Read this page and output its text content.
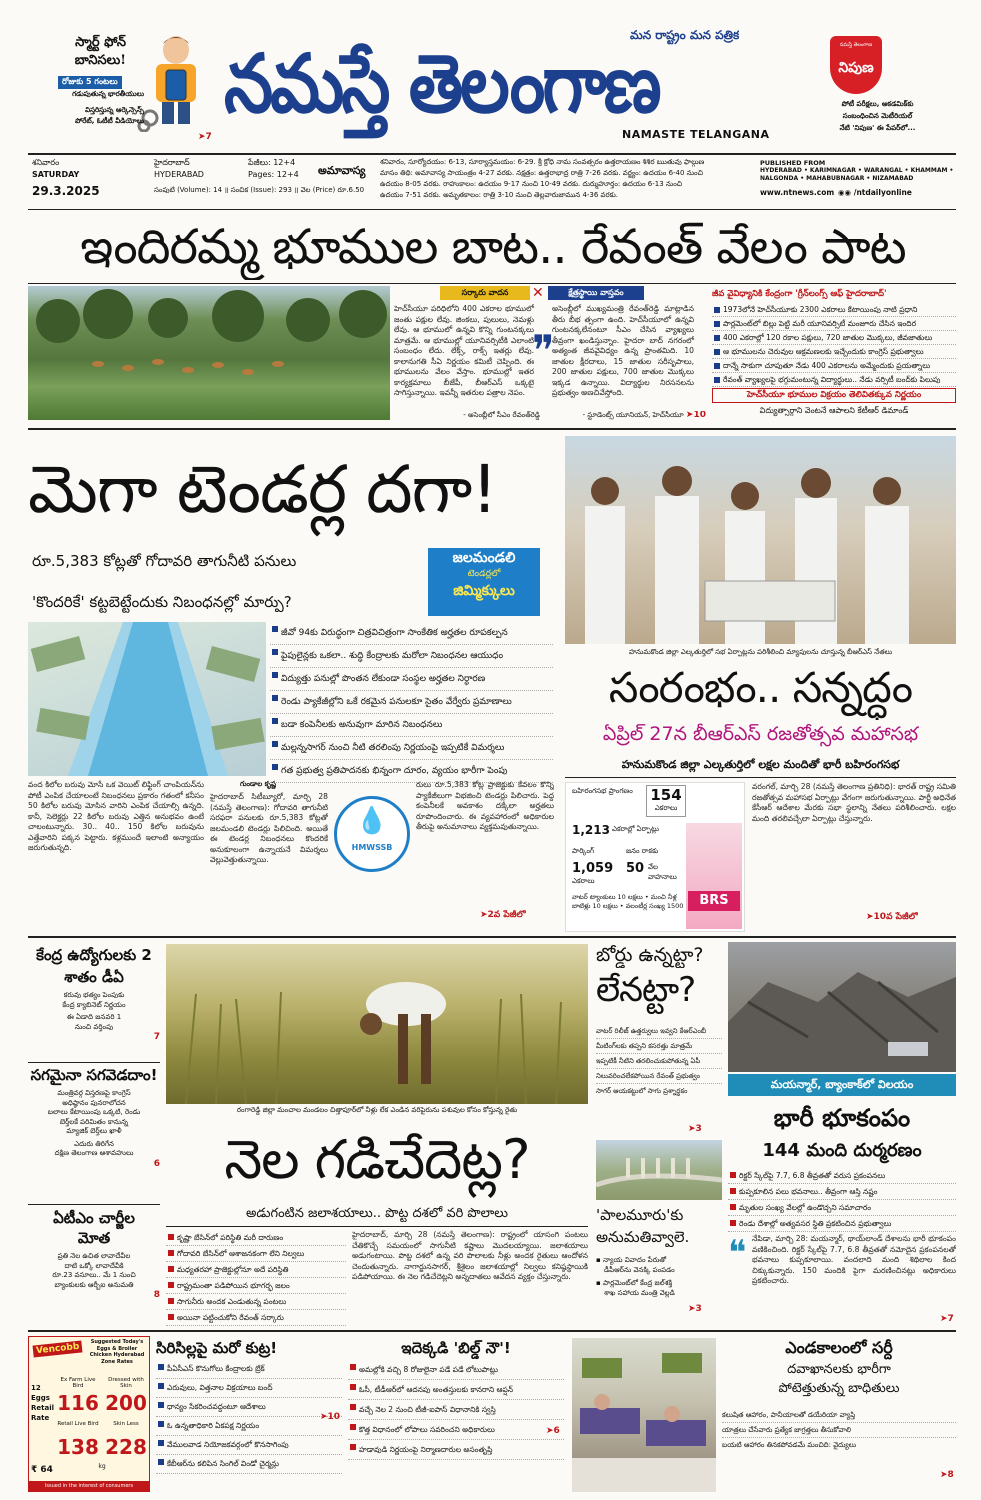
స్మార్ట్ ఫోన్ బానిసలు!
రోజుకు 5 గంటలు
గడుపుతున్న భారతీయులు
విస్తరిస్తున్న ఆర్కెన్సెన్స్
పోరేట్, ఓటీటీ వీడియోలు
➤7
మన రాష్ట్రం మన పత్రిక
నమస్తే తెలంగాణ
NAMASTE TELANGANA
నమస్తే తెలంగాణ
నిపుణ
పోటీ పరీక్షలు, అకడమిక్‌కు
సంబంధించిన మెటీరియల్
నేటి 'నిపుణ' ఈ పేపర్‌లో...
శనివారం
SATURDAY
29.3.2025
హైదరాబాద్
HYDERABAD
పేజీలు: 12+4
Pages: 12+4
సంపుటి (Volume): 14 ॥ సంచిక (Issue): 293 ॥ వెల (Price) రూ.6.50
అమావాస్య
శనివారం, సూర్యోదయం: 6-13, సూర్యాస్తమయం: 6-29. శ్రీ క్రోధి నామ సంవత్సరం ఉత్తరాయణం శిశిర ఋతువు ఫాల్గుణ
మాసం తిథి: అమావాస్య సాయంత్రం 4-27 వరకు. నక్షత్రం: ఉత్తరాభాద్ర రాత్రి 7-26 వరకు. వర్జ్యం: ఉదయం 6-40 నుంచి
ఉదయం 8-05 వరకు. రాహుకాలం: ఉదయం 9-17 నుంచి 10-49 వరకు. దుర్ముహూర్తం: ఉదయం 6-13 నుంచి
ఉదయం 7-51 వరకు. అమృతకాలం: రాత్రి 3-10 నుంచి తెల్లవారుజామున 4-36 వరకు.
PUBLISHED FROM
HYDERABAD • KARIMNAGAR • WARANGAL • KHAMMAM • NALGONDA • MAHABUBNAGAR • NIZAMABAD
www.ntnews.com ◉◉ /ntdailyonline
ఇందిరమ్మ భూముల బాట.. రేవంత్ వేలం పాట
సర్కారు వాదన	✕	క్షేత్రస్థాయి వాస్తవం
హెచ్‌సీయూ పరిధిలోని 400 ఎకరాల భూములో జంతు పక్షుల లేవు. జింకలు, పులులు, నెమళ్లు లేవు. ఆ భూములో ఉన్నవి కొన్ని గుంటనక్కలు మాత్రమే. ఆ భూముల్లో యూనివర్సిటీకి ఎలాంటి సంబంధం లేదు. లేక్స్, రాక్స్ ఇతర్లు లేవు. కాలానుగతి సీఏ నిర్ణయం కమిటీ చెప్పింది. ఈ భూములను వేలం వేస్తాం. భూముల్లో ఇతర కార్యక్రమాలు బీజేపీ, బీఆర్ఎస్ ఒక్కటై సాగిస్తున్నాయి. ఇవన్నీ ఇతరుల పత్రాల నెపం.
- అసెంబ్లీలో సీఎం రేవంత్‌రెడ్డి
❞
అసెంబ్లీలో ముఖ్యమంత్రి రేవంత్‌రెడ్డి మాట్లాడిన తీరు బీభ త్సంగా ఉంది. హెచ్‌సీయూలో ఉన్నవి గుంటనక్కలేనంటూ సీఎం చేసిన వ్యాఖ్యలు తీవ్రంగా ఖండిస్తున్నాం. హైదరా బాద్ నగరంలో అత్యంత జీవవైవిధ్యం ఉన్న ప్రాంతమిది. 10 జాతుల క్షీరదాలు, 15 జాతుల సరీసృపాలు, 200 జాతుల పక్షులు, 700 జాతుల మొక్కలు ఇక్కడ ఉన్నాయి. విద్యార్థుల నిరసనలను ప్రభుత్వం అణచివేస్తోంది.
- స్టూడెంట్స్ యూనియన్, హెచ్‌సీయూ ➤10
జీవ వైవిధ్యానికి కేంద్రంగా 'గ్రీన్‌లంగ్స్ ఆఫ్ హైదరాబాద్'
1973లోనే హెచ్‌సీయూకు 2300 ఎకరాలు కేటాయింపు నాటి ప్రధాని
పార్లమెంట్‌లో బిల్లు పెట్టి మరీ యూనివర్సిటీ మంజూరు చేసిన ఇందిర
400 ఎకరాల్లో 120 రకాల పక్షులు, 720 జాతుల మొక్కలు, జీవజాతులు
ఆ భూములను చెరువుల ఆక్రమణలకు ఇచ్చేందుకు కాంగ్రెస్ ప్రభుత్వాలు
దాన్నే సాకుగా చూపుతూ నేడు 400 ఎకరాలను అమ్మేందుకు ప్రయత్నాలు
రేవంత్ వ్యాఖ్యలపై భగ్గుమంటున్న విద్యార్థులు.. నేడు వర్సిటీ బంద్‌కు పిలుపు
హెచ్‌సీయూ భూముల విక్రయం తెలివితక్కువ నిర్ణయం
విద్యుత్సార్గాని వెంటనే ఆపాలని కేటీఆర్ డిమాండ్
మెగా టెండర్ల దగా!
రూ.5,383 కోట్లతో గోదావరి తాగునీటి పనులు
'కొందరికే' కట్టబెట్టేందుకు నిబంధనల్లో మార్పు?
జలమండలి
టెండర్లలో
జిమ్మిక్కులు
జీవో 94కు విరుద్ధంగా చిత్రవిచిత్రంగా సాంకేతిక అర్హతల రూపకల్పన
పైపులైన్లకు ఒకలా.. శుద్ధి కేంద్రాలకు మరోలా నిబంధనల ఆయుధం
విద్యుత్తు పనుల్లో పొంతన లేకుండా సంస్థల అర్హతల నిర్ధారణ
రెండు ప్యాకేజీల్లోని ఒకే రకమైన పనులకూ సైతం వేర్వేరు ప్రమాణాలు
బడా కంపెనీలకు అనువుగా మారిన నిబంధనలు
మల్లన్నసాగర్ నుంచి నీటి తరలింపు నిర్ణయంపై ఇప్పటికే విమర్శలు
గత ప్రభుత్వ ప్రతిపాదనకు భిన్నంగా దూరం, వ్యయం భారీగా పెంపు
వంద కిలోల బరువు మోసే ఒక వెయిట్ లిఫ్టింగ్ చాంపియన్‌ను పోటీ ఎంపిక చేయాలంటే నిబంధనలు ప్రకారం గతంలో కనీసం 50 కిలోల బరువు మోసిన వారిని ఎంపిక చేయాల్సి ఉన్నది. కానీ, సెలెక్టర్లు 22 కిలోల బరువు ఎత్తిన అనుభవం ఉంటే చాలంటున్నారు. 30.. 40.. 150 కిలోల బరువును ఎత్తేవారిని పక్కన పెట్టారు. కళ్లముందే ఇలాంటి అన్యాయం జరుగుతున్నది.
గుండాల కృష్ణ
హైదరాబాద్ సిటీబ్యూరో, మార్చి 28 (నమస్తే తెలంగాణ): గోదావరి తాగునీటి సరఫరా పనులకు రూ.5,383 కోట్లతో జలమండలి టెండర్లు పిలిచింది. అయితే ఈ టెండర్ల నిబంధనలు కొందరికే అనుకూలంగా ఉన్నాయనే విమర్శలు వెల్లువెత్తుతున్నాయి.
💧
HMWSSB
రులు రూ.5,383 కోట్ల ప్రాజెక్టుకు కేవలం కొన్ని ప్యాకేజీలుగా విభజించి టెండర్లు పిలిచారు. పెద్ద కంపెనీలకే అవకాశం దక్కేలా అర్హతలు రూపొందించారు. ఈ వ్యవహారంలో అధికారుల తీరుపై అనుమానాలు వ్యక్తమవుతున్నాయి.
➤2వ పేజీలో
హనుమకొండ జిల్లా ఎల్కతుర్తిలో సభ ఏర్పాట్లను పరిశీలించి మ్యాపులను చూస్తున్న బీఆర్‌ఎస్ నేతలు
సంరంభం.. సన్నద్ధం
ఏప్రిల్ 27న బీఆర్‌ఎస్ రజతోత్సవ మహాసభ
హనుమకొండ జిల్లా ఎల్కతుర్తిలో లక్షల మందితో భారీ బహిరంగసభ
బహిరంగసభ ప్రాంగణం	154
ఎకరాలు
1,213 ఎకరాల్లో ఏర్పాట్లు
పార్కింగ్
1,059
ఎకరాలు
జనం రాకకు
50 వేల వాహనాలు
వాటర్ ట్యాంకులు 10 లక్షలు • మంచి నీళ్ల బాటిళ్లు 10 లక్షలు • వలంటీర్ల సంఖ్య 1500	BRS
వరంగల్, మార్చి 28 (నమస్తే తెలంగాణ ప్రతినిధి): భారత్ రాష్ట్ర సమితి రజతోత్సవ మహాసభ ఏర్పాట్లు వేగంగా జరుగుతున్నాయి. పార్టీ అధినేత కేసీఆర్ ఆదేశాల మేరకు సభా స్థలాన్ని నేతలు పరిశీలించారు. లక్షల మంది తరలివచ్చేలా ఏర్పాట్లు చేస్తున్నారు.
➤10వ పేజీలో
కేంద్ర ఉద్యోగులకు 2 శాతం డీఏ
కరువు భత్యం పెంపుకు
కేంద్ర క్యాబినెట్ నిర్ణయం
ఈ ఏడాది జనవరి 1
నుంచి వర్తింపు
7
సగమైనా సగవెడదాం!
మంత్రివర్గ విస్తరణపై కాంగ్రెస్
అధిష్ఠానం పునరాలోచన
బలాలు కేటాయింపు ఒక్కటి, రెండు
బెర్త్‌లకే పరిమితం కానున్న
మ్యాజిక్ బెర్త్‌లు ఖాళీ
ఎదురు తిరిగేన
దక్షిణ తెలంగాణ ఆశావహులు
6
ఏటీఎం చార్జీల మోత
ప్రతి నెల ఉచిత లావాదేవీల
దాటి ఒక్కో లావాదేవీకి
రూ.23 వసూలు.. మే 1 నుంచి
బ్యాంకులకు ఆర్బీఐ అనుమతి
8
రంగారెడ్డి జిల్లా మంచాల మండలం చిత్తాపూర్‌లో నీళ్లు లేక ఎండిన వరిపైరును పశువుల కోసం కోస్తున్న రైతు
నెల గడిచేదెట్ల?
అడుగంటిన జలాశయాలు.. పొట్ట దశలో వరి పొలాలు
కృష్ణా బేసిన్‌లో పరిస్థితి మరీ దారుణం
గోదావరి బేసిన్‌లో ఆశాజనకంగా లేని నిల్వలు
మధ్యతరహా ప్రాజెక్టుల్లోనూ అదే పరిస్థితి
రాష్ట్రమంతా పడిపోయిన భూగర్భ జలం
సాగునీరు అందక ఎండుతున్న పంటలు
అయినా పట్టించుకోని రేవంత్ సర్కారు
హైదరాబాద్, మార్చి 28 (నమస్తే తెలంగాణ): రాష్ట్రంలో యాసంగి పంటలు చేతికొచ్చే సమయంలో సాగునీటి కష్టాలు మొదలయ్యాయి. జలాశయాలు అడుగంటాయి. పొట్ట దశలో ఉన్న వరి పొలాలకు నీళ్లు అందక రైతులు ఆందోళన చెందుతున్నారు. నాగార్జునసాగర్, శ్రీశైలం జలాశయాల్లో నిల్వలు కనిష్ఠస్థాయికి పడిపోయాయి. ఈ నెల గడిచేదెట్లని అన్నదాతలు ఆవేదన వ్యక్తం చేస్తున్నారు.
బోర్డు ఉన్నట్టా?
లేనట్టా?
వాటర్ రిలీజ్ ఉత్తర్వులు ఇవ్వని కేఆర్ఎంబీ
మీటింగ్‌లకు తప్పని కసరత్తు మాత్రమే
ఇప్పటికీ నీటిని తరలించుకుపోతున్న ఏపీ
నిలువరించలేకపోయిన రేవంత్ ప్రభుత్వం
సాగర్ ఆయకట్టులో సాగు ప్రశ్నార్థకం
➤3
'పాలమూరు'కు అనుమతివ్వాలె.
▪ న్యాయ వివాదం పేరుతో
డీపీఆర్‌ను వెనక్కి పంపడం
▪ పార్లమెంట్‌లో కేంద్ర జల్‌శక్తి
శాఖ సహాయ మంత్రి వెల్లడి
➤3
మయన్మార్, బ్యాంకాక్‌లో విలయం
భారీ భూకంపం
144 మంది దుర్మరణం
రిక్టర్ స్కేల్‌పై 7.7, 6.8 తీవ్రతతో వరుస ప్రకంపనలు
కుప్పకూలిన పలు భవనాలు.. తీవ్రంగా ఆస్తి నష్టం
మృతుల సంఖ్య వేలల్లో ఉండొచ్చని సమాచారం
రెండు దేశాల్లో అత్యవసర స్థితి ప్రకటించిన ప్రభుత్వాలు
❝ నేపిడా, మార్చి 28: మయన్మార్, థాయ్‌లాండ్ దేశాలను భారీ భూకంపం వణికించింది. రిక్టర్ స్కేల్‌పై 7.7, 6.8 తీవ్రతతో నమోదైన ప్రకంపనలతో భవనాలు కుప్పకూలాయి. వందలాది మంది శిథిలాల కింద చిక్కుకున్నారు. 150 మందికి పైగా మరణించినట్లు అధికారులు ప్రకటించారు.
➤7
Vencobb	Suggested Today's Eggs & Broiler Chicken Hyderabad Zone Rates
12 Eggs Retail Rate
₹ 64
Ex Farm Live Bird
116
Dressed with Skin
200
Retail Live Bird
138
Skin Less
228
kg
Issued in the interest of consumers
సిరిసిల్లపై మరో కుట్ర!
పీఏసీఎస్ కొనుగోలు కేంద్రాలకు బ్రేక్
ఎరువులు, విత్తనాల విక్రయాలు బంద్
ధాన్యం సేకరించవద్దంటూ ఆదేశాలు
ఓ ఉన్నతాధికారి ఏకపక్ష నిర్ణయం
వేములవాడ నియోజకవర్గంలో కొనసాగింపు
కేబీఆర్‌ను కలిపిన సింగిల్ విండో చైర్మన్లు
➤10
ఇదెక్కడి 'బిల్డ్ నౌ'!
అమల్లోకి వచ్చి 8 రోజులైనా పడే పడే లోటుపాట్లు
ఓసీ, టీడీఆర్‌లో ఆదనపు అంతస్తులకు కానరాని ఆప్షన్
వచ్చే నెల 2 నుంచి టీజీ-ఐపాస్ విధానానికి స్వస్తి
కొత్త విధానంలో లోపాలు సవరించని అధికారులు
హడావుడి నిర్ణయంపై నిర్మాణదారుల అసంతృప్తి
➤6
ఎండకాలంలో సర్దీ
దవాఖానలకు భారీగా
పోటెత్తుతున్న బాధితులు
కలుషిత ఆహారం, పానీయాలతో డయేరియా వ్యాప్తి
యాత్రలు చేసేవారు ప్రత్యేక జాగ్రత్తలు తీసుకోవాలి
బయటి ఆహారం తినకపోవడమే మంచిది: వైద్యులు
➤8
